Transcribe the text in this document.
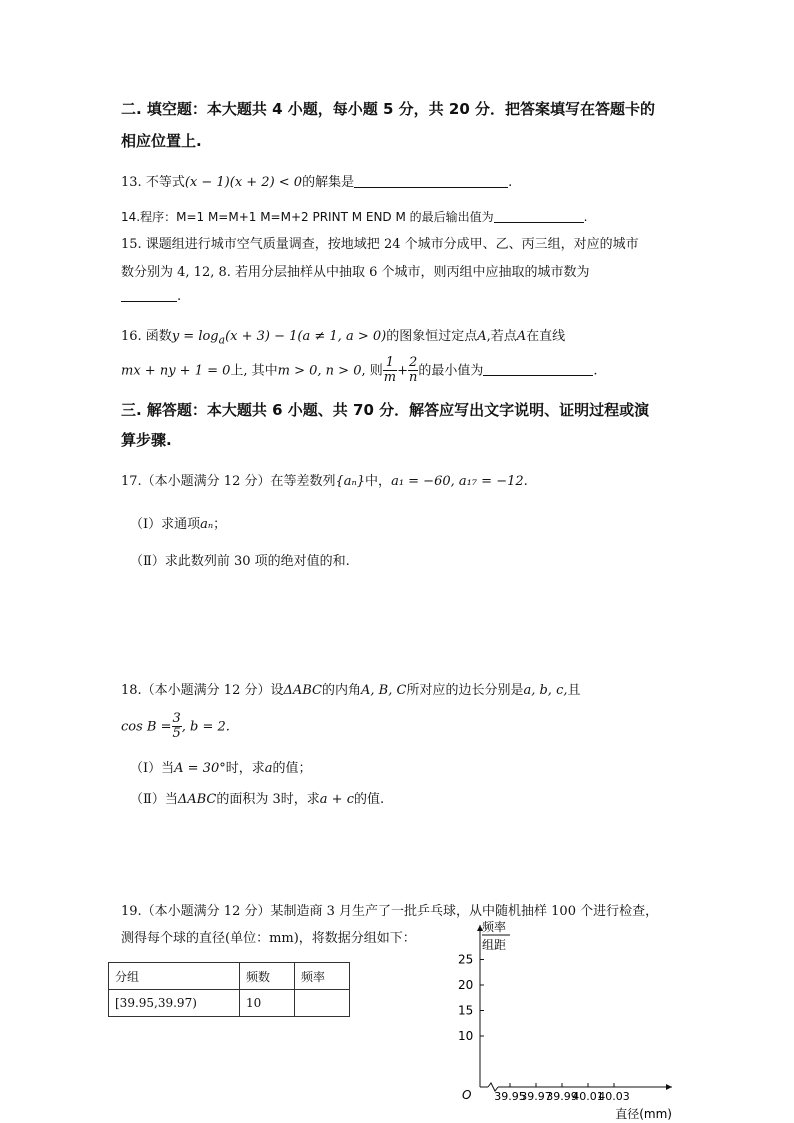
二. 填空题：本大题共 4 小题，每小题 5 分，共 20 分．把答案填写在答题卡的
相应位置上.
13. 不等式(x − 1)(x + 2) < 0的解集是	.
14.程序：M=1 M=M+1 M=M+2 PRINT M END M 的最后输出值为	.
15. 课题组进行城市空气质量调查，按地域把 24 个城市分成甲、乙、丙三组，对应的城市
数分别为 4, 12, 8. 若用分层抽样从中抽取 6 个城市，则丙组中应抽取的城市数为
.
16. 函数$y = \log_a(x + 3) - 1(a \ne 1$, a > 0)的图象恒过定点A,若点A在直线
mx + ny + 1 = 0上, 其中m > 0, n > 0, 则 $\frac{1}{m} + \frac{2}{n}$ 的最小值为	.
三. 解答题：本大题共 6 小题、共 70 分．解答应写出文字说明、证明过程或演
算步骤.
17.（本小题满分 12 分）在等差数列{aₙ}中，a₁ = −60, a₁₇ = −12.
（Ⅰ）求通项aₙ；
（Ⅱ）求此数列前 30 项的绝对值的和.
18.（本小题满分 12 分）设ΔABC的内角A, B, C所对应的边长分别是a, b, c,且
$\cos B = \frac{3}{5}$ , b = 2.
（Ⅰ）当A = 30°时，求a的值；
（Ⅱ）当ΔABC的面积为 3时，求a + c的值.
19.（本小题满分 12 分）某制造商 3 月生产了一批乒乓球，从中随机抽样 100 个进行检查，
测得每个球的直径(单位：mm)，将数据分组如下：
分组	频数	频率
[39.95,39.97)	10	
O
10
15
20
25
频率
组距
39.95
39.97
39.99
40.01
40.03
直径(mm)
